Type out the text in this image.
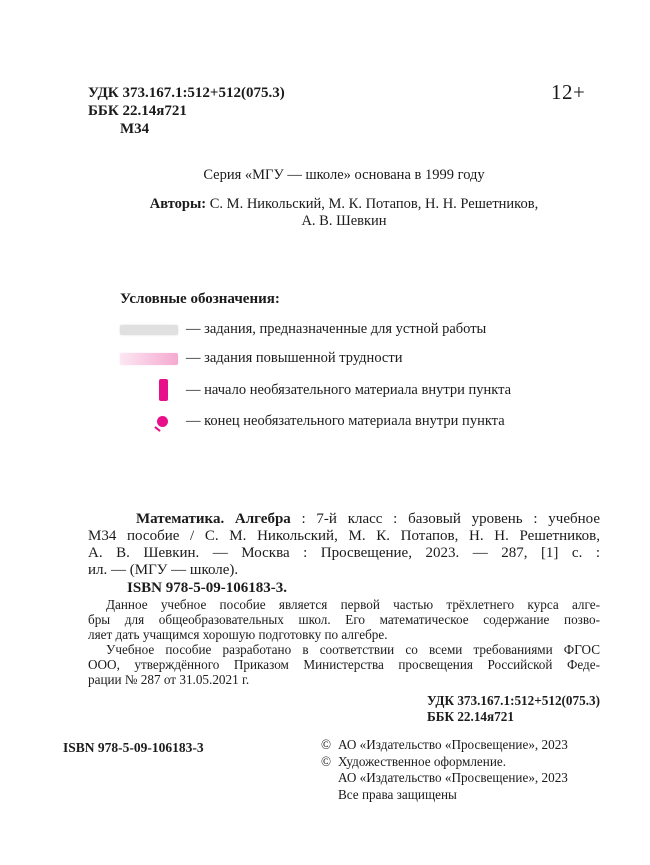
УДК 373.167.1:512+512(075.3)
ББК 22.14я721
М34
12+
Серия «МГУ — школе» основана в 1999 году
Авторы: С. М. Никольский, М. К. Потапов, Н. Н. Решетников,
А. В. Шевкин
Условные обозначения:
— задания, предназначенные для устной работы
— задания повышенной трудности
— начало необязательного материала внутри пункта
— конец необязательного материала внутри пункта
Математика. Алгебра : 7-й класс : базовый уровень : учебное
М34 пособие / С. М. Никольский, М. К. Потапов, Н. Н. Решетников,
А. В. Шевкин. — Москва : Просвещение, 2023. — 287, [1] с. :
ил. — (МГУ — школе).
ISBN 978-5-09-106183-3.
Данное учебное пособие является первой частью трёхлетнего курса алге-
бры для общеобразовательных школ. Его математическое содержание позво-
ляет дать учащимся хорошую подготовку по алгебре.
Учебное пособие разработано в соответствии со всеми требованиями ФГОС
ООО, утверждённого Приказом Министерства просвещения Российской Феде-
рации № 287 от 31.05.2021 г.
УДК 373.167.1:512+512(075.3)
ББК 22.14я721
ISBN 978-5-09-106183-3	© АО «Издательство «Просвещение», 2023
© Художественное оформление.
АО «Издательство «Просвещение», 2023
Все права защищены
